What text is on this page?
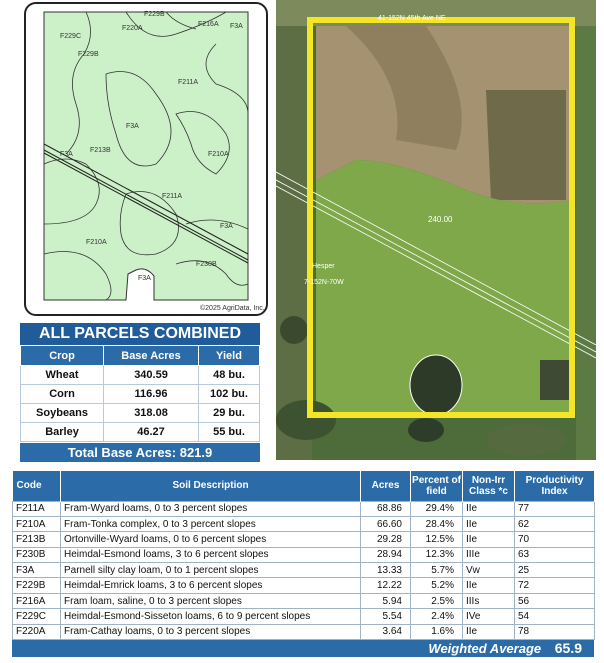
F229B
F220A
F229C
F229B
F216A F3A
F211A
F3A
F213B
F3A	F210A
F211A
F3A
F210A
F230B
F3A
©2025 AgriData, Inc.
240.00
Hesper
7-152N-70W
41-152N 45th Ave NE
ALL PARCELS COMBINED
Crop	Base Acres	Yield
Wheat	340.59	48 bu.
Corn	116.96	102 bu.
Soybeans	318.08	29 bu.
Barley	46.27	55 bu.
Total Base Acres: 821.9
Code	Soil Description	Acres	Percent of field	Non-Irr Class *c	Productivity Index
F211A	Fram-Wyard loams, 0 to 3 percent slopes	68.86	29.4%	IIe	77
F210A	Fram-Tonka complex, 0 to 3 percent slopes	66.60	28.4%	IIe	62
F213B	Ortonville-Wyard loams, 0 to 6 percent slopes	29.28	12.5%	IIe	70
F230B	Heimdal-Esmond loams, 3 to 6 percent slopes	28.94	12.3%	IIIe	63
F3A	Parnell silty clay loam, 0 to 1 percent slopes	13.33	5.7%	Vw	25
F229B	Heimdal-Emrick loams, 3 to 6 percent slopes	12.22	5.2%	IIe	72
F216A	Fram loam, saline, 0 to 3 percent slopes	5.94	2.5%	IIIs	56
F229C	Heimdal-Esmond-Sisseton loams, 6 to 9 percent slopes	5.54	2.4%	IVe	54
F220A	Fram-Cathay loams, 0 to 3 percent slopes	3.64	1.6%	IIe	78
Weighted Average 65.9
